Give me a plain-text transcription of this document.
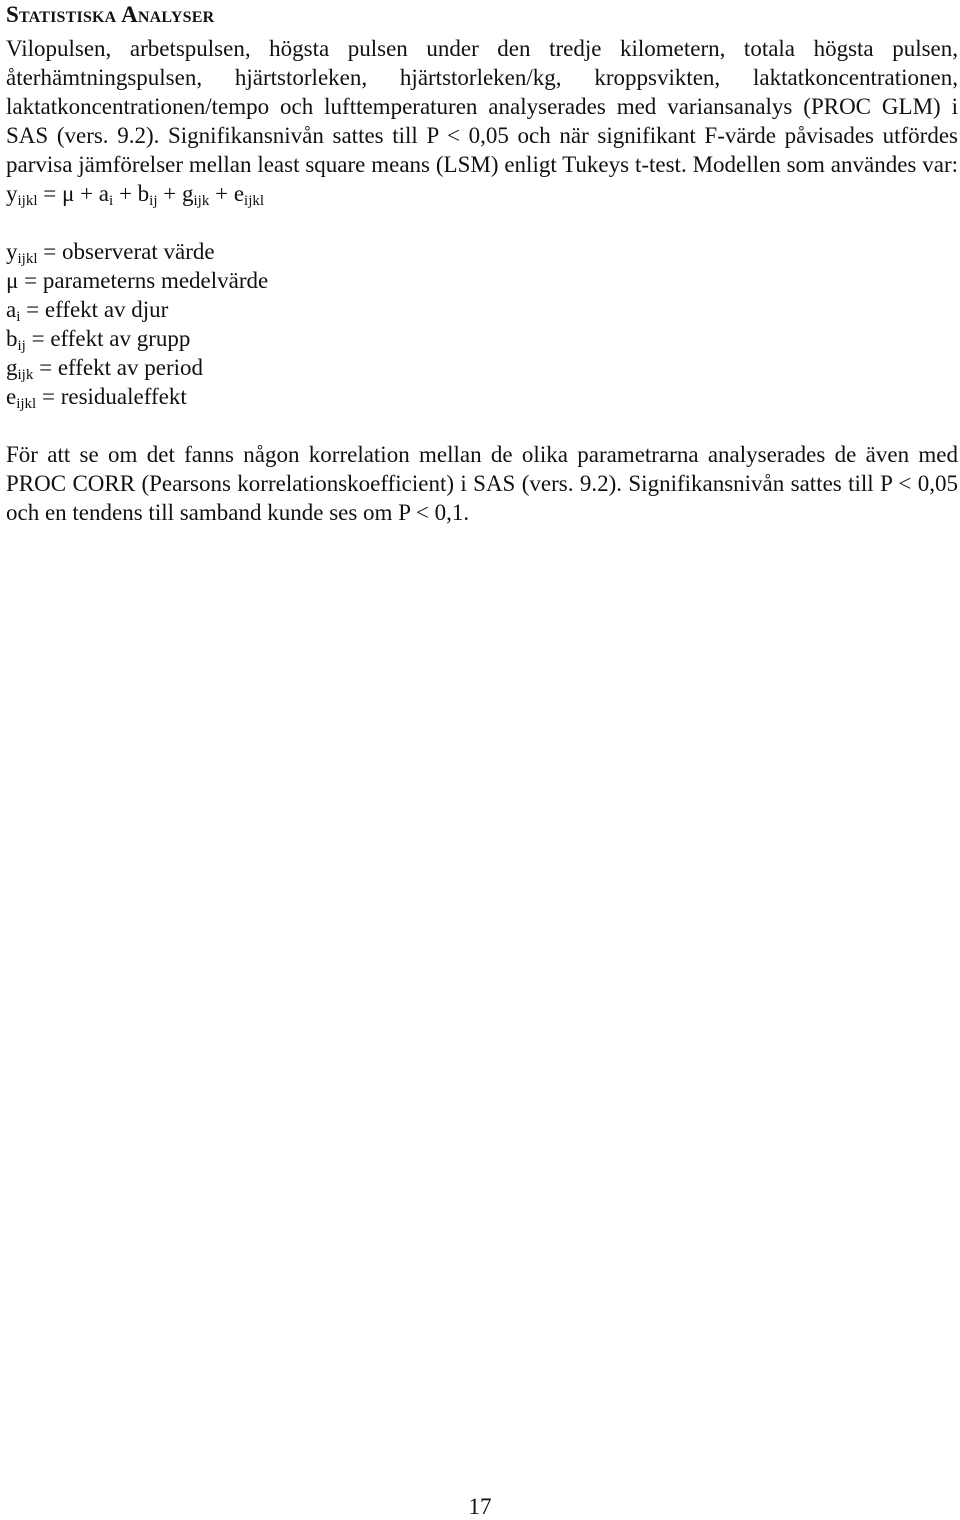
Statistiska Analyser

Vilopulsen, arbetspulsen, högsta pulsen under den tredje kilometern, totala högsta pulsen, återhämtningspulsen, hjärtstorleken, hjärtstorleken/kg, kroppsvikten, laktatkoncentrationen, laktatkoncentrationen/tempo och lufttemperaturen analyserades med variansanalys (PROC GLM) i SAS (vers. 9.2). Signifikansnivån sattes till P < 0,05 och när signifikant F-värde påvisades utfördes parvisa jämförelser mellan least square means (LSM) enligt Tukeys t-test. Modellen som användes var: $y_{ijkl} = \mu + a_i + b_{ij} + g_{ijk} + e_{ijkl}$

$y_{ijkl}$ = observerat värde
μ = parameterns medelvärde
$a_i$ = effekt av djur
$b_{ij}$ = effekt av grupp
$g_{ijk}$ = effekt av period
$e_{ijkl}$ = residualeffekt

För att se om det fanns någon korrelation mellan de olika parametrarna analyserades de även med PROC CORR (Pearsons korrelationskoefficient) i SAS (vers. 9.2). Signifikansnivån sattes till P < 0,05 och en tendens till samband kunde ses om P < 0,1.

17
